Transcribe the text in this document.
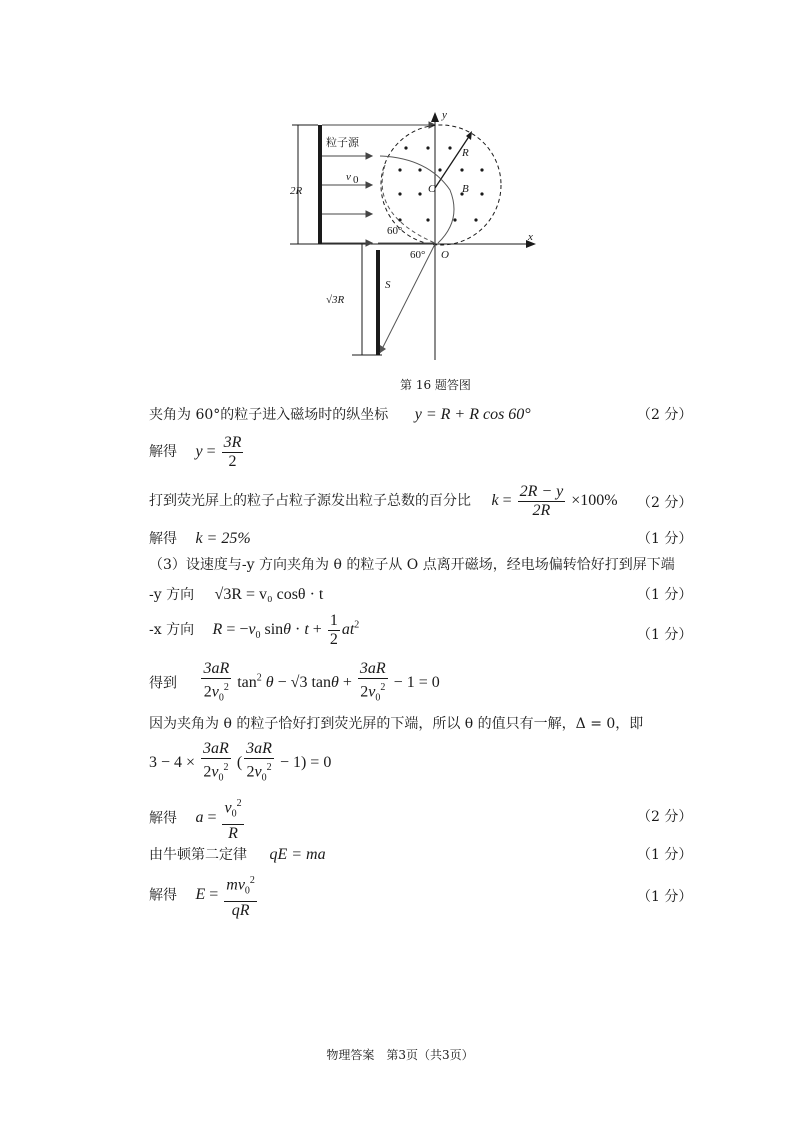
y
x
粒子源
v 0
2R
R
C B
60°
60° O
S
√3R
第 16 题答图
夹角为 60°的粒子进入磁场时的纵坐标 y = R + R cos 60°	（2 分）
解得 $y = \frac{3R}{2}$
打到荧光屏上的粒子占粒子源发出粒子总数的百分比 $k = \frac{2R - y}{2R} \times 100\%$ （2 分）
解得 k = 25%	（1 分）
（3）设速度与-y 方向夹角为 θ 的粒子从 O 点离开磁场，经电场偏转恰好打到屏下端
-y 方向 √3R = v₀ cosθ · t	（1 分）
-x 方向 $R = -v_0$ $\sin\theta \cdot t + \frac{1}{2} at^2$
（1 分）
得到 $\frac{3aR}{2v_0^2} \tan^2 \theta - √3$ $\tan\theta + \frac{3aR}{2v_0^2} - 1 = 0$
因为夹角为 θ 的粒子恰好打到荧光屏的下端，所以 θ 的值只有一解，Δ = 0，即
$3 - 4 \times \frac{3aR}{2v_0^2}$ ( $\frac{3aR}{2v_0^2} - 1) = 0$
解得 $a = \frac{v_0^2}{R}$	（2 分）
由牛顿第二定律 qE = ma	（1 分）
解得 $E = \frac{mv_0^2}{qR}$	（1 分）
物理答案　第3页（共3页）
